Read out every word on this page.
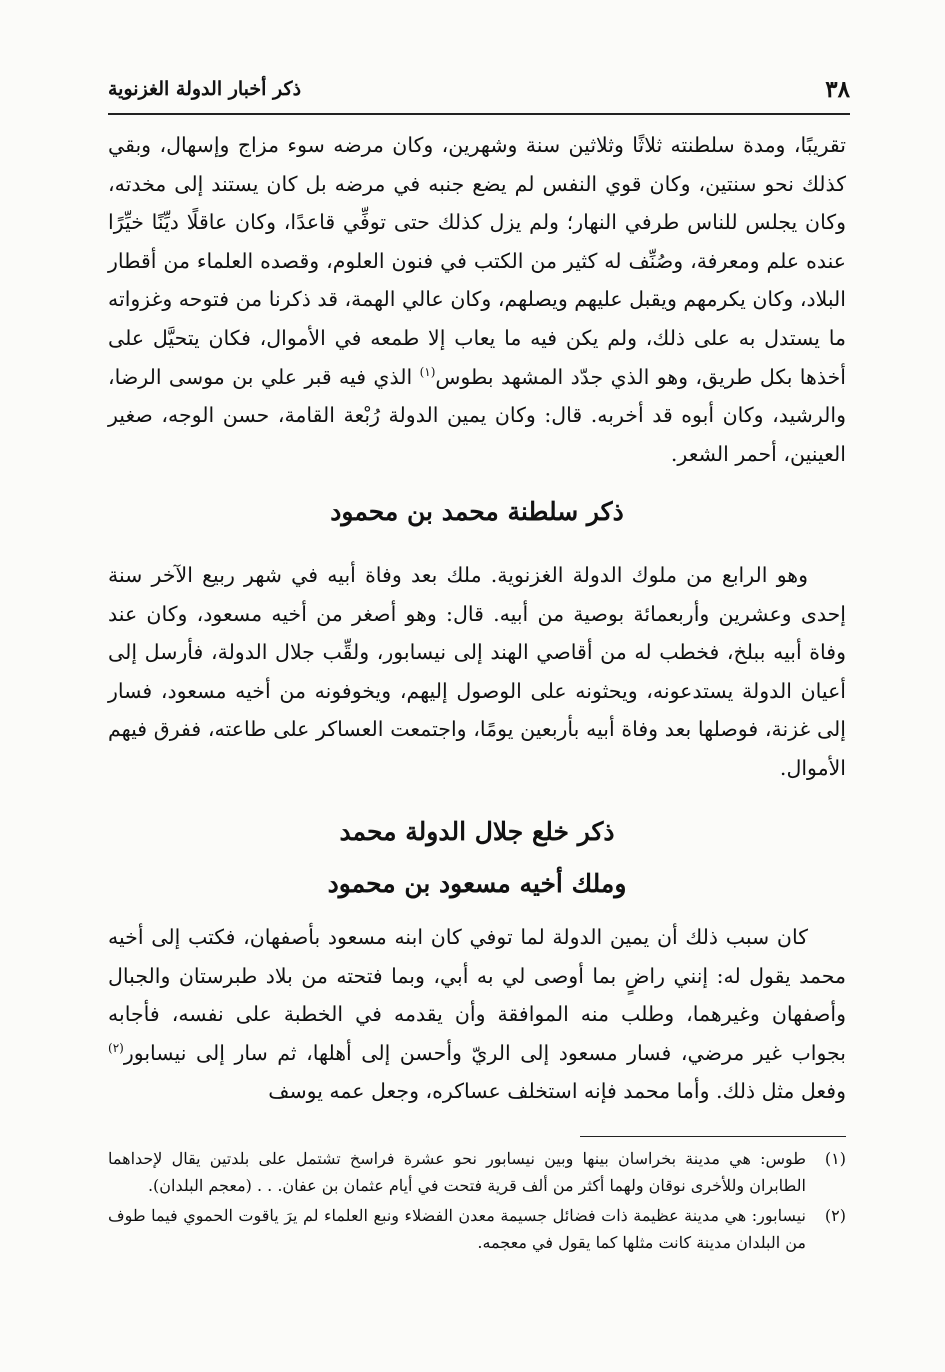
٣٨
ذكر أخبار الدولة الغزنوية

تقريبًا، ومدة سلطنته ثلاثًا وثلاثين سنة وشهرين، وكان مرضه سوء مزاج وإسهال، وبقي كذلك نحو سنتين، وكان قوي النفس لم يضع جنبه في مرضه بل كان يستند إلى مخدته، وكان يجلس للناس طرفي النهار؛ ولم يزل كذلك حتى توفِّي قاعدًا، وكان عاقلًا ديِّنًا خيِّرًا عنده علم ومعرفة، وصُنِّف له كثير من الكتب في فنون العلوم، وقصده العلماء من أقطار البلاد، وكان يكرمهم ويقبل عليهم ويصلهم، وكان عالي الهمة، قد ذكرنا من فتوحه وغزواته ما يستدل به على ذلك، ولم يكن فيه ما يعاب إلا طمعه في الأموال، فكان يتحيَّل على أخذها بكل طريق، وهو الذي جدّد المشهد بطوس$^{(١)}$ الذي فيه قبر علي بن موسى الرضا، والرشيد، وكان أبوه قد أخربه. قال: وكان يمين الدولة رُبْعة القامة، حسن الوجه، صغير العينين، أحمر الشعر.

ذكر سلطنة محمد بن محمود

وهو الرابع من ملوك الدولة الغزنوية. ملك بعد وفاة أبيه في شهر ربيع الآخر سنة إحدى وعشرين وأربعمائة بوصية من أبيه. قال: وهو أصغر من أخيه مسعود، وكان عند وفاة أبيه ببلخ، فخطب له من أقاصي الهند إلى نيسابور، ولقِّب جلال الدولة، فأرسل إلى أعيان الدولة يستدعونه، ويحثونه على الوصول إليهم، ويخوفونه من أخيه مسعود، فسار إلى غزنة، فوصلها بعد وفاة أبيه بأربعين يومًا، واجتمعت العساكر على طاعته، ففرق فيهم الأموال.

ذكر خلع جلال الدولة محمد
وملك أخيه مسعود بن محمود

كان سبب ذلك أن يمين الدولة لما توفي كان ابنه مسعود بأصفهان، فكتب إلى أخيه محمد يقول له: إنني راضٍ بما أوصى لي به أبي، وبما فتحته من بلاد طبرستان والجبال وأصفهان وغيرهما، وطلب منه الموافقة وأن يقدمه في الخطبة على نفسه، فأجابه بجواب غير مرضي، فسار مسعود إلى الريّ وأحسن إلى أهلها، ثم سار إلى نيسابور$^{(٢)}$ وفعل مثل ذلك. وأما محمد فإنه استخلف عساكره، وجعل عمه يوسف

(١)
طوس: هي مدينة بخراسان بينها وبين نيسابور نحو عشرة فراسخ تشتمل على بلدتين يقال لإحداهما الطابران وللأخرى نوقان ولهما أكثر من ألف قرية فتحت في أيام عثمان بن عفان. . . (معجم البلدان).

(٢)
نيسابور: هي مدينة عظيمة ذات فضائل جسيمة معدن الفضلاء ونبع العلماء لم يرَ ياقوت الحموي فيما طوف من البلدان مدينة كانت مثلها كما يقول في معجمه.
